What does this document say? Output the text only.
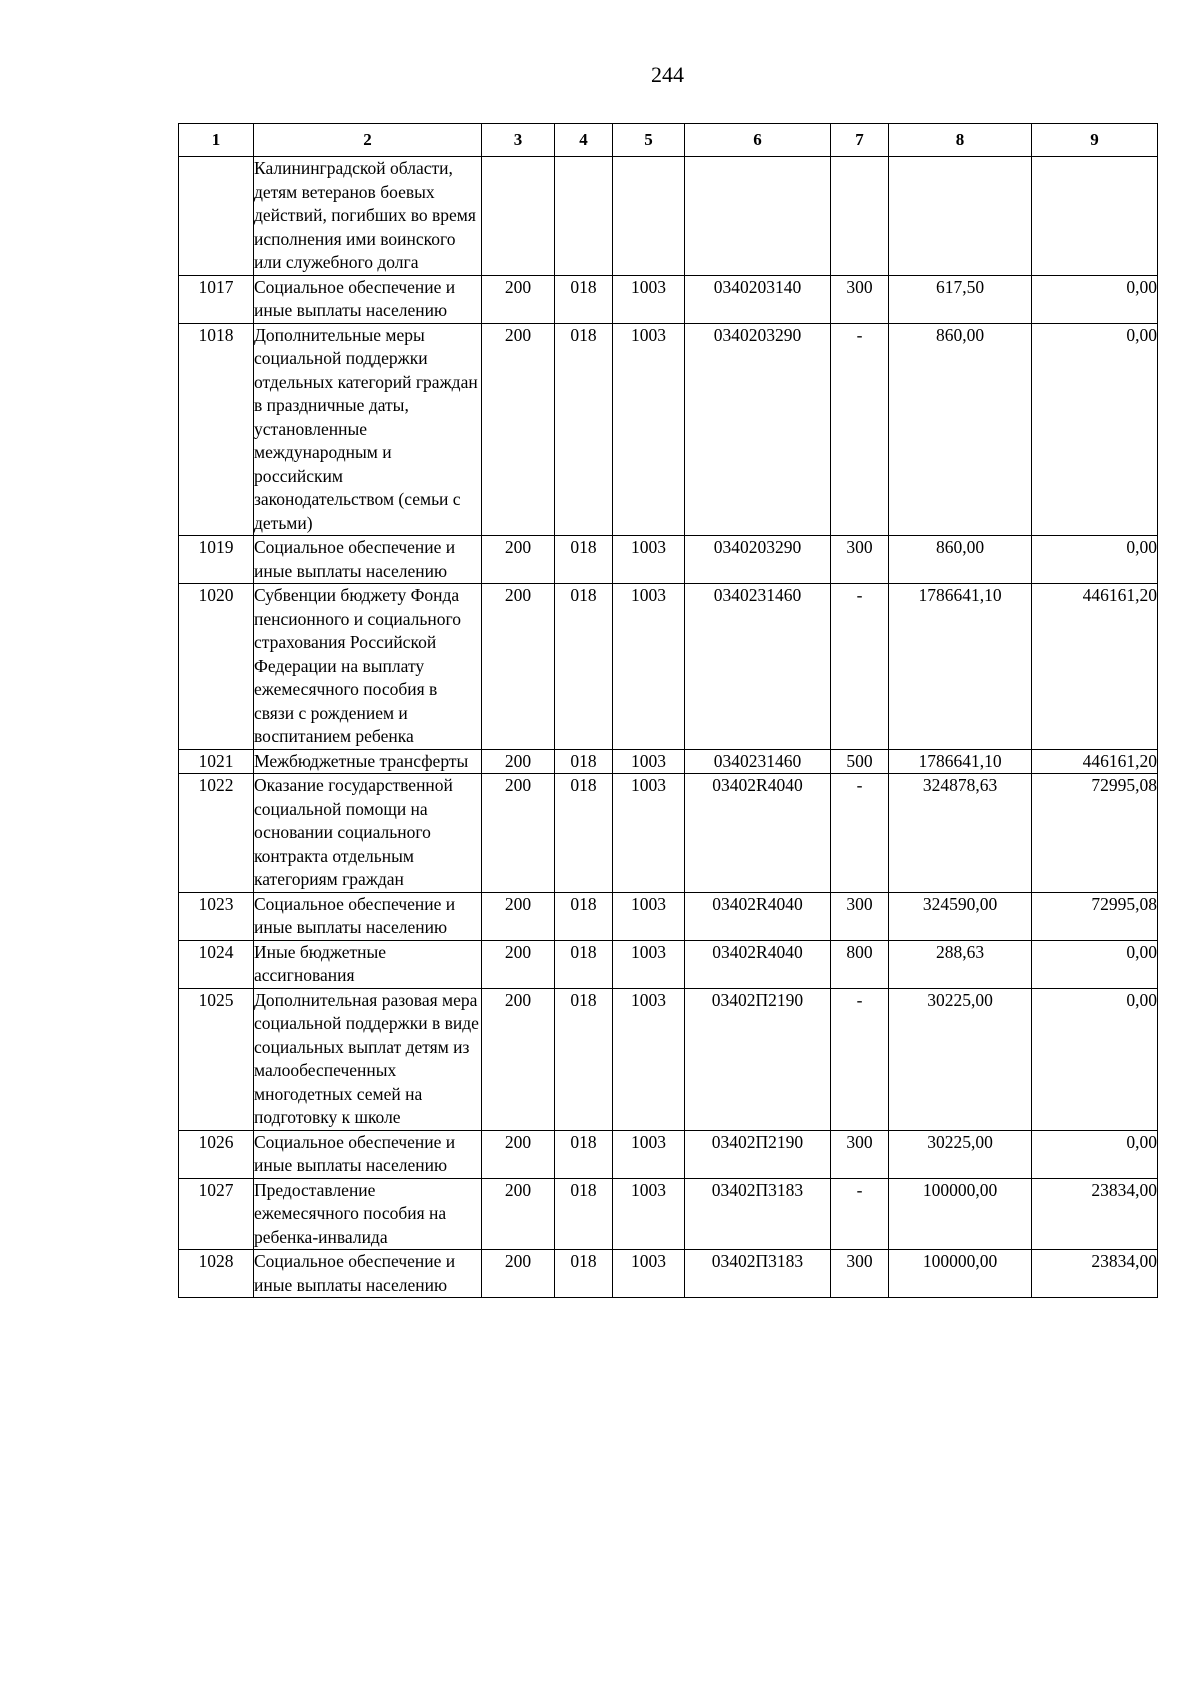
244
1	2	3	4	5	6	7	8	9
	Калининградской области, детям ветеранов боевых действий, погибших во время исполнения ими воинского или служебного долга							
1017	Социальное обеспечение и иные выплаты населению	200	018	1003	0340203140	300	617,50	0,00
1018	Дополнительные меры социальной поддержки отдельных категорий граждан в праздничные даты, установленные международным и российским законодательством (семьи с детьми)	200	018	1003	0340203290	-	860,00	0,00
1019	Социальное обеспечение и иные выплаты населению	200	018	1003	0340203290	300	860,00	0,00
1020	Субвенции бюджету Фонда пенсионного и социального страхования Российской Федерации на выплату ежемесячного пособия в связи с рождением и воспитанием ребенка	200	018	1003	0340231460	-	1786641,10	446161,20
1021	Межбюджетные трансферты	200	018	1003	0340231460	500	1786641,10	446161,20
1022	Оказание государственной социальной помощи на основании социального контракта отдельным категориям граждан	200	018	1003	03402R4040	-	324878,63	72995,08
1023	Социальное обеспечение и иные выплаты населению	200	018	1003	03402R4040	300	324590,00	72995,08
1024	Иные бюджетные ассигнования	200	018	1003	03402R4040	800	288,63	0,00
1025	Дополнительная разовая мера социальной поддержки в виде социальных выплат детям из малообеспеченных многодетных семей на подготовку к школе	200	018	1003	03402П2190	-	30225,00	0,00
1026	Социальное обеспечение и иные выплаты населению	200	018	1003	03402П2190	300	30225,00	0,00
1027	Предоставление ежемесячного пособия на ребенка-инвалида	200	018	1003	03402П3183	-	100000,00	23834,00
1028	Социальное обеспечение и иные выплаты населению	200	018	1003	03402П3183	300	100000,00	23834,00
